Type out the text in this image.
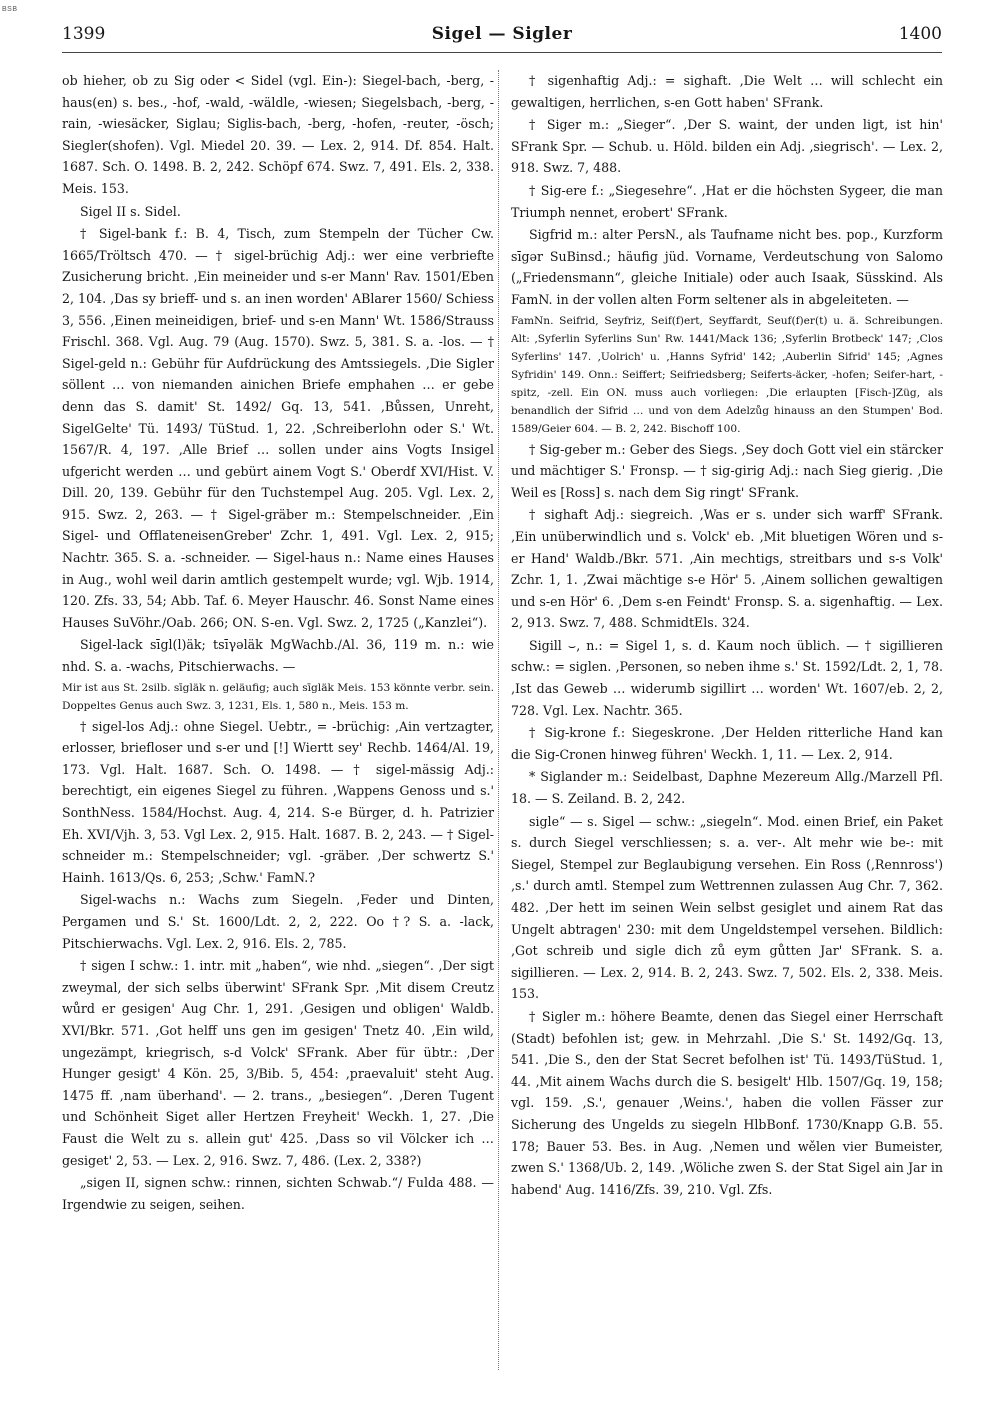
BSB
1399	Sigel — Sigler	1400

ob hieher, ob zu Sig oder < Sidel (vgl. Ein-): Siegel-bach, -berg, -haus(en) s. bes., -hof, -wald, -wäldle, -wiesen; Siegelsbach, -berg, -rain, -wiesäcker, Siglau; Siglis-bach, -berg, -hofen, -reuter, -ösch; Siegler(shofen). Vgl. Miedel 20. 39. — Lex. 2, 914. Df. 854. Halt. 1687. Sch. O. 1498. B. 2, 242. Schöpf 674. Swz. 7, 491. Els. 2, 338. Meis. 153.

Sigel II s. Sidel.

† Sigel-bank f.: B. 4, Tisch, zum Stempeln der Tücher Cw. 1665/Tröltsch 470. — † sigel-brüchig Adj.: wer eine verbriefte Zusicherung bricht. ‚Ein meineider und s-er Mann' Rav. 1501/Eben 2, 104. ‚Das sy brieff- und s. an inen worden' ABlarer 1560/ Schiess 3, 556. ‚Einen meineidigen, brief- und s-en Mann' Wt. 1586/Strauss Frischl. 368. Vgl. Aug. 79 (Aug. 1570). Swz. 5, 381. S. a. -los. — † Sigel-geld n.: Gebühr für Aufdrückung des Amtssiegels. ‚Die Sigler söllent … von niemanden ainichen Briefe emphahen … er gebe denn das S. damit' St. 1492/ Gq. 13, 541. ‚Bůssen, Unreht, SigelGelte' Tü. 1493/ TüStud. 1, 22. ‚Schreiberlohn oder S.' Wt. 1567/R. 4, 197. ‚Alle Brief … sollen under ains Vogts Insigel ufgericht werden … und gebürt ainem Vogt S.' Oberdf XVI/Hist. V. Dill. 20, 139. Gebühr für den Tuchstempel Aug. 205. Vgl. Lex. 2, 915. Swz. 2, 263. — † Sigel-gräber m.: Stempelschneider. ‚Ein Sigel- und OfflateneisenGreber' Zchr. 1, 491. Vgl. Lex. 2, 915; Nachtr. 365. S. a. -schneider. — Sigel-haus n.: Name eines Hauses in Aug., wohl weil darin amtlich gestempelt wurde; vgl. Wjb. 1914, 120. Zfs. 33, 54; Abb. Taf. 6. Meyer Hauschr. 46. Sonst Name eines Hauses SuVöhr./Oab. 266; ON. S-en. Vgl. Swz. 2, 1725 („Kanzlei“).

Sigel-lack sīgl(l)äk; tsīγəläk MgWachb./Al. 36, 119 m. n.: wie nhd. S. a. -wachs, Pitschierwachs. —

Mir ist aus St. 2silb. sīgläk n. geläufig; auch sīgläk Meis. 153 könnte verbr. sein. Doppeltes Genus auch Swz. 3, 1231, Els. 1, 580 n., Meis. 153 m.

† sigel-los Adj.: ohne Siegel. Uebtr., = -brüchig: ‚Ain vertzagter, erlosser, briefloser und s-er und [!] Wiertt sey' Rechb. 1464/Al. 19, 173. Vgl. Halt. 1687. Sch. O. 1498. — † sigel-mässig Adj.: berechtigt, ein eigenes Siegel zu führen. ‚Wappens Genoss und s.' SonthNess. 1584/Hochst. Aug. 4, 214. S-e Bürger, d. h. Patrizier Eh. XVI/Vjh. 3, 53. Vgl Lex. 2, 915. Halt. 1687. B. 2, 243. — † Sigel-schneider m.: Stempelschneider; vgl. -gräber. ‚Der schwertz S.' Hainh. 1613/Qs. 6, 253; ‚Schw.' FamN.?

Sigel-wachs n.: Wachs zum Siegeln. ‚Feder und Dinten, Pergamen und S.' St. 1600/Ldt. 2, 2, 222. Oo †? S. a. -lack, Pitschierwachs. Vgl. Lex. 2, 916. Els. 2, 785.

† sigen I schw.: 1. intr. mit „haben“, wie nhd. „siegen“. ‚Der sigt zweymal, der sich selbs überwint' SFrank Spr. ‚Mit disem Creutz wůrd er gesigen' Aug Chr. 1, 291. ‚Gesigen und obligen' Waldb. XVI/Bkr. 571. ‚Got helff uns gen im gesigen' Tnetz 40. ‚Ein wild, ungezämpt, kriegrisch, s-d Volck' SFrank. Aber für übtr.: ‚Der Hunger gesigt' 4 Kön. 25, 3/Bib. 5, 454: ‚praevaluit' steht Aug. 1475 ff. ‚nam überhand'. — 2. trans., „besiegen“. ‚Deren Tugent und Schönheit Siget aller Hertzen Freyheit' Weckh. 1, 27. ‚Die Faust die Welt zu s. allein gut' 425. ‚Dass so vil Völcker ich … gesiget' 2, 53. — Lex. 2, 916. Swz. 7, 486. (Lex. 2, 338?)

„sigen II, signen schw.: rinnen, sichten Schwab.“/ Fulda 488. — Irgendwie zu seigen, seihen.

† sigenhaftig Adj.: = sighaft. ‚Die Welt … will schlecht ein gewaltigen, herrlichen, s-en Gott haben' SFrank.

† Siger m.: „Sieger“. ‚Der S. waint, der unden ligt, ist hin' SFrank Spr. — Schub. u. Höld. bilden ein Adj. ‚siegrisch'. — Lex. 2, 918. Swz. 7, 488.

† Sig-ere f.: „Siegesehre“. ‚Hat er die höchsten Sygeer, die man Triumph nennet, erobert' SFrank.

Sigfrid m.: alter PersN., als Taufname nicht bes. pop., Kurzform sīgər SuBinsd.; häufig jüd. Vorname, Verdeutschung von Salomo („Friedensmann“, gleiche Initiale) oder auch Isaak, Süsskind. Als FamN. in der vollen alten Form seltener als in abgeleiteten. —

FamNn. Seifrid, Seyfriz, Seif(f)ert, Seyffardt, Seuf(f)er(t) u. ä. Schreibungen. Alt: ‚Syferlin Syferlins Sun' Rw. 1441/Mack 136; ‚Syferlin Brotbeck' 147; ‚Clos Syferlins' 147. ‚Uolrich' u. ‚Hanns Syfrid' 142; ‚Auberlin Sifrid' 145; ‚Agnes Syfridin' 149. Onn.: Seiffert; Seifriedsberg; Seiferts-äcker, -hofen; Seifer-hart, -spitz, -zell. Ein ON. muss auch vorliegen: ‚Die erlaupten [Fisch-]Züg, als benandlich der Sifrid … und von dem Adelzůg hinauss an den Stumpen' Bod. 1589/Geier 604. — B. 2, 242. Bischoff 100.

† Sig-geber m.: Geber des Siegs. ‚Sey doch Gott viel ein stärcker und mächtiger S.' Fronsp. — † sig-girig Adj.: nach Sieg gierig. ‚Die Weil es [Ross] s. nach dem Sig ringt' SFrank.

† sighaft Adj.: siegreich. ‚Was er s. under sich warff' SFrank. ‚Ein unüberwindlich und s. Volck' eb. ‚Mit bluetigen Wören und s-er Hand' Waldb./Bkr. 571. ‚Ain mechtigs, streitbars und s-s Volk' Zchr. 1, 1. ‚Zwai mächtige s-e Hör' 5. ‚Ainem sollichen gewaltigen und s-en Hör' 6. ‚Dem s-en Feindt' Fronsp. S. a. sigenhaftig. — Lex. 2, 913. Swz. 7, 488. SchmidtEls. 324.

Sigill ⌣, n.: = Sigel 1, s. d. Kaum noch üblich. — † sigillieren schw.: = siglen. ‚Personen, so neben ihme s.' St. 1592/Ldt. 2, 1, 78. ‚Ist das Geweb … widerumb sigillirt … worden' Wt. 1607/eb. 2, 2, 728. Vgl. Lex. Nachtr. 365.

† Sig-krone f.: Siegeskrone. ‚Der Helden ritterliche Hand kan die Sig-Cronen hinweg führen' Weckh. 1, 11. — Lex. 2, 914.

* Siglander m.: Seidelbast, Daphne Mezereum Allg./Marzell Pfl. 18. — S. Zeiland. B. 2, 242.

sigle“ — s. Sigel — schw.: „siegeln“. Mod. einen Brief, ein Paket s. durch Siegel verschliessen; s. a. ver-. Alt mehr wie be-: mit Siegel, Stempel zur Beglaubigung versehen. Ein Ross (‚Rennross') ‚s.' durch amtl. Stempel zum Wettrennen zulassen Aug Chr. 7, 362. 482. ‚Der hett im seinen Wein selbst gesiglet und ainem Rat das Ungelt abtragen' 230: mit dem Ungeldstempel versehen. Bildlich: ‚Got schreib und sigle dich zů eym gůtten Jar' SFrank. S. a. sigillieren. — Lex. 2, 914. B. 2, 243. Swz. 7, 502. Els. 2, 338. Meis. 153.

† Sigler m.: höhere Beamte, denen das Siegel einer Herrschaft (Stadt) befohlen ist; gew. in Mehrzahl. ‚Die S.' St. 1492/Gq. 13, 541. ‚Die S., den der Stat Secret befolhen ist' Tü. 1493/TüStud. 1, 44. ‚Mit ainem Wachs durch die S. besigelt' Hlb. 1507/Gq. 19, 158; vgl. 159. ‚S.', genauer ‚Weins.', haben die vollen Fässer zur Sicherung des Ungelds zu siegeln HlbBonf. 1730/Knapp G.B. 55. 178; Bauer 53. Bes. in Aug. ‚Nemen und wělen vier Bumeister, zwen S.' 1368/Ub. 2, 149. ‚Wöliche zwen S. der Stat Sigel ain Jar in habend' Aug. 1416/Zfs. 39, 210. Vgl. Zfs.
